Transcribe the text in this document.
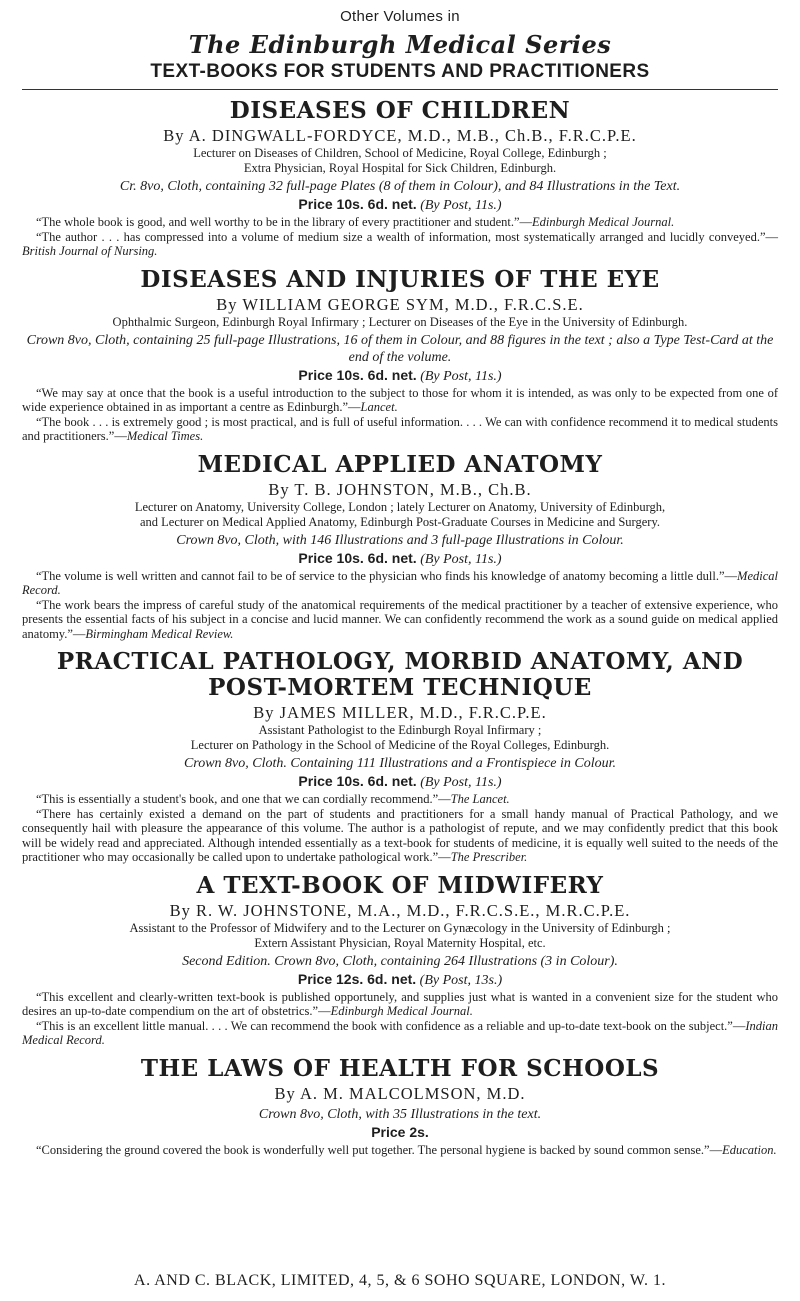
Other Volumes in
The Edinburgh Medical Series
TEXT-BOOKS FOR STUDENTS AND PRACTITIONERS
DISEASES OF CHILDREN
By A. DINGWALL-FORDYCE, M.D., M.B., Ch.B., F.R.C.P.E.
Lecturer on Diseases of Children, School of Medicine, Royal College, Edinburgh ;
Extra Physician, Royal Hospital for Sick Children, Edinburgh.
Cr. 8vo, Cloth, containing 32 full-page Plates (8 of them in Colour), and 84 Illustrations in the Text.
Price 10s. 6d. net. (By Post, 11s.)

“The whole book is good, and well worthy to be in the library of every practitioner and student.”—Edinburgh Medical Journal.

“The author . . . has compressed into a volume of medium size a wealth of information, most systematically arranged and lucidly conveyed.”—British Journal of Nursing.

DISEASES AND INJURIES OF THE EYE
By WILLIAM GEORGE SYM, M.D., F.R.C.S.E.
Ophthalmic Surgeon, Edinburgh Royal Infirmary ; Lecturer on Diseases of the Eye in the University of Edinburgh.
Crown 8vo, Cloth, containing 25 full-page Illustrations, 16 of them in Colour, and 88 figures in the text ; also a Type Test-Card at the end of the volume.
Price 10s. 6d. net. (By Post, 11s.)

“We may say at once that the book is a useful introduction to the subject to those for whom it is intended, as was only to be expected from one of wide experience obtained in as important a centre as Edinburgh.”—Lancet.

“The book . . . is extremely good ; is most practical, and is full of useful information. . . . We can with confidence recommend it to medical students and practitioners.”—Medical Times.

MEDICAL APPLIED ANATOMY
By T. B. JOHNSTON, M.B., Ch.B.
Lecturer on Anatomy, University College, London ; lately Lecturer on Anatomy, University of Edinburgh,
and Lecturer on Medical Applied Anatomy, Edinburgh Post-Graduate Courses in Medicine and Surgery.
Crown 8vo, Cloth, with 146 Illustrations and 3 full-page Illustrations in Colour.
Price 10s. 6d. net. (By Post, 11s.)

“The volume is well written and cannot fail to be of service to the physician who finds his knowledge of anatomy becoming a little dull.”—Medical Record.

“The work bears the impress of careful study of the anatomical requirements of the medical practitioner by a teacher of extensive experience, who presents the essential facts of his subject in a concise and lucid manner. We can confidently recommend the work as a sound guide on medical applied anatomy.”—Birmingham Medical Review.

PRACTICAL PATHOLOGY, MORBID ANATOMY, AND POST-MORTEM TECHNIQUE
By JAMES MILLER, M.D., F.R.C.P.E.
Assistant Pathologist to the Edinburgh Royal Infirmary ;
Lecturer on Pathology in the School of Medicine of the Royal Colleges, Edinburgh.
Crown 8vo, Cloth. Containing 111 Illustrations and a Frontispiece in Colour.
Price 10s. 6d. net. (By Post, 11s.)

“This is essentially a student's book, and one that we can cordially recommend.”—The Lancet.

“There has certainly existed a demand on the part of students and practitioners for a small handy manual of Practical Pathology, and we consequently hail with pleasure the appearance of this volume. The author is a pathologist of repute, and we may confidently predict that this book will be widely read and appreciated. Although intended essentially as a text-book for students of medicine, it is equally well suited to the needs of the practitioner who may occasionally be called upon to undertake pathological work.”—The Prescriber.

A TEXT-BOOK OF MIDWIFERY
By R. W. JOHNSTONE, M.A., M.D., F.R.C.S.E., M.R.C.P.E.
Assistant to the Professor of Midwifery and to the Lecturer on Gynæcology in the University of Edinburgh ;
Extern Assistant Physician, Royal Maternity Hospital, etc.
Second Edition. Crown 8vo, Cloth, containing 264 Illustrations (3 in Colour).
Price 12s. 6d. net. (By Post, 13s.)

“This excellent and clearly-written text-book is published opportunely, and supplies just what is wanted in a convenient size for the student who desires an up-to-date compendium on the art of obstetrics.”—Edinburgh Medical Journal.

“This is an excellent little manual. . . . We can recommend the book with confidence as a reliable and up-to-date text-book on the subject.”—Indian Medical Record.

THE LAWS OF HEALTH FOR SCHOOLS
By A. M. MALCOLMSON, M.D.
Crown 8vo, Cloth, with 35 Illustrations in the text.
Price 2s.

“Considering the ground covered the book is wonderfully well put together. The personal hygiene is backed by sound common sense.”—Education.

A. AND C. BLACK, LIMITED, 4, 5, & 6 SOHO SQUARE, LONDON, W. 1.
